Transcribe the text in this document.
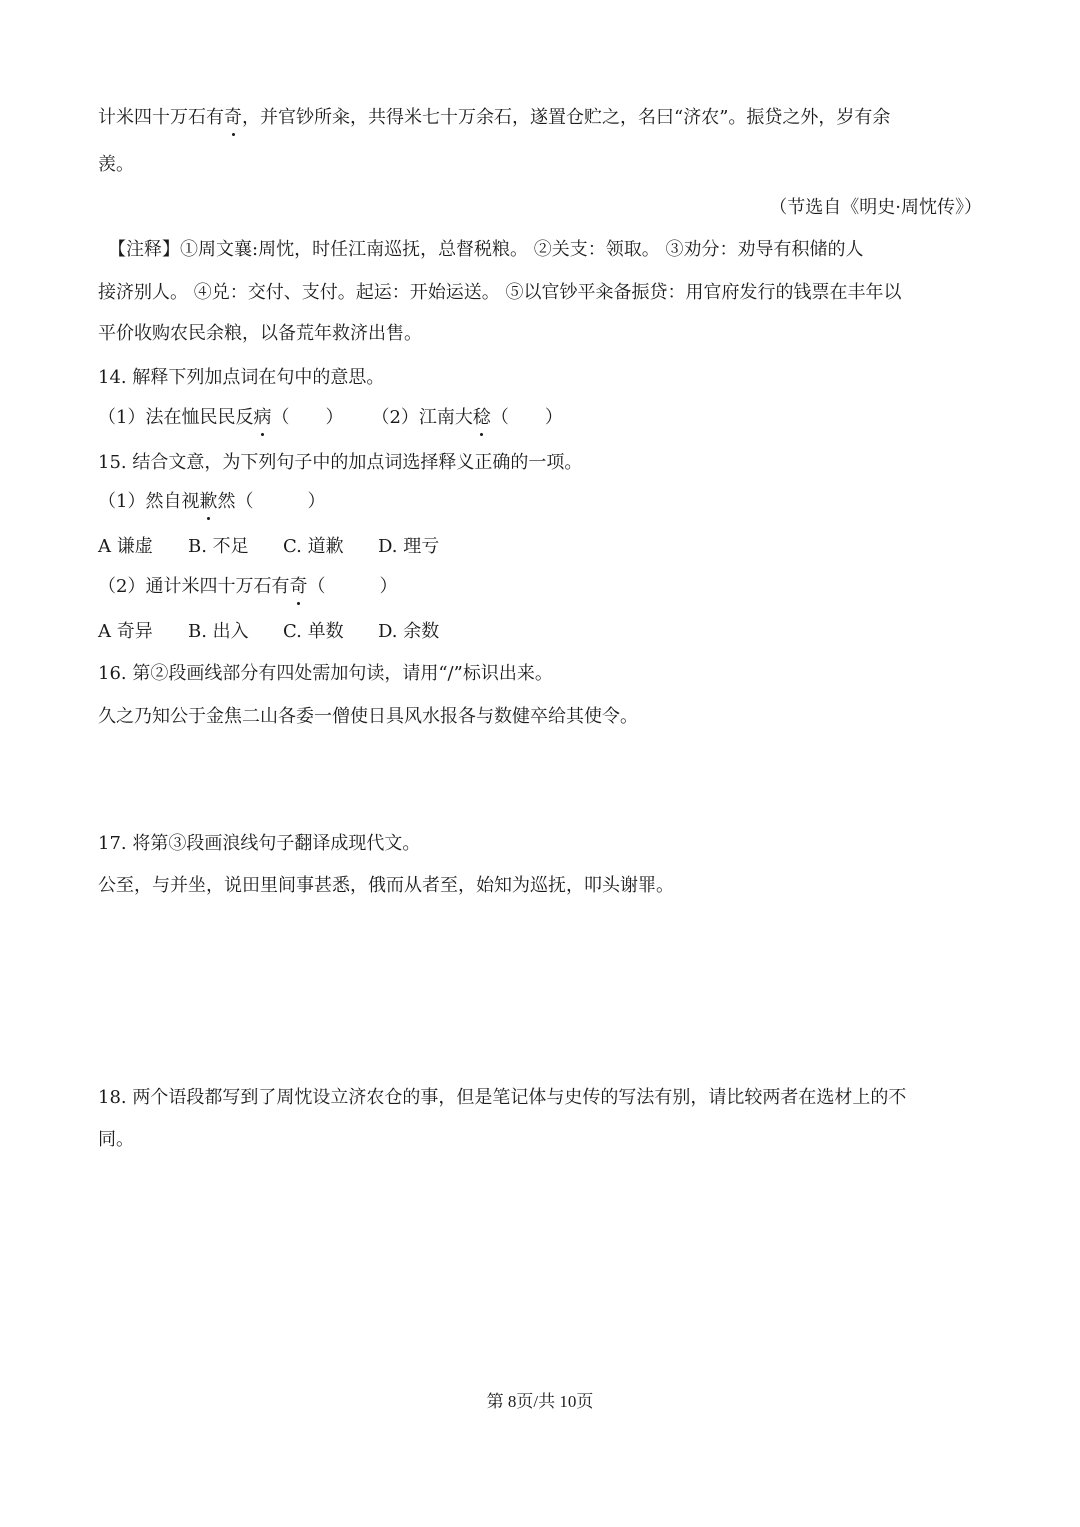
计米四十万石有奇，并官钞所籴，共得米七十万余石，遂置仓贮之，名曰“济农”。振贷之外，岁有余
羡。
（节选自《明史·周忱传》）
【注释】①周文襄:周忱，时任江南巡抚，总督税粮。 ②关支：领取。 ③劝分：劝导有积储的人
接济别人。 ④兑：交付、支付。起运：开始运送。 ⑤以官钞平籴备振贷：用官府发行的钱票在丰年以
平价收购农民余粮，以备荒年救济出售。
14. 解释下列加点词在句中的意思。
（1）法在恤民民反病（　　） （2）江南大稔（　　）
15. 结合文意，为下列句子中的加点词选择释义正确的一项。
（1）然自视歉然（　　　）
A 谦虚 B. 不足 C. 道歉 D. 理亏
（2）通计米四十万石有奇（　　　）
A 奇异 B. 出入 C. 单数 D. 余数
16. 第②段画线部分有四处需加句读，请用“/”标识出来。
久之乃知公于金焦二山各委一僧使日具风水报各与数健卒给其使令。
17. 将第③段画浪线句子翻译成现代文。
公至，与并坐，说田里间事甚悉，俄而从者至，始知为巡抚，叩头谢罪。
18. 两个语段都写到了周忱设立济农仓的事，但是笔记体与史传的写法有别，请比较两者在选材上的不
同。
第 8页/共 10页
